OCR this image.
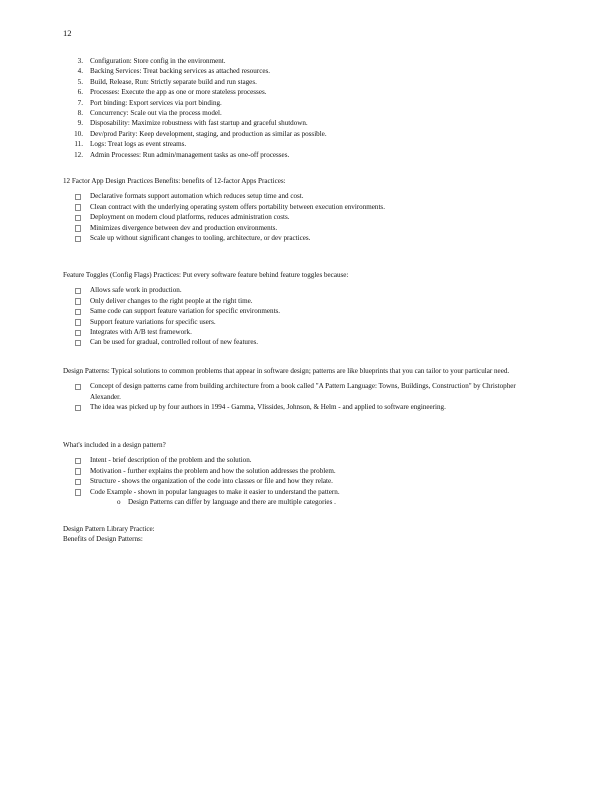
12
3. Configuration: Store config in the environment.
4. Backing Services: Treat backing services as attached resources.
5. Build, Release, Run: Strictly separate build and run stages.
6. Processes: Execute the app as one or more stateless processes.
7. Port binding: Export services via port binding.
8. Concurrency: Scale out via the process model.
9. Disposability: Maximize robustness with fast startup and graceful shutdown.
10. Dev/prod Parity: Keep development, staging, and production as similar as possible.
11. Logs: Treat logs as event streams.
12. Admin Processes: Run admin/management tasks as one-off processes.

12 Factor App Design Practices Benefits: benefits of 12-factor Apps Practices:

Declarative formats support automation which reduces setup time and cost.
Clean contract with the underlying operating system offers portability between execution environments.
Deployment on modern cloud platforms, reduces administration costs.
Minimizes divergence between dev and production environments.
Scale up without significant changes to tooling, architecture, or dev practices.

Feature Toggles (Config Flags) Practices: Put every software feature behind feature toggles because:

Allows safe work in production.
Only deliver changes to the right people at the right time.
Same code can support feature variation for specific environments.
Support feature variations for specific users.
Integrates with A/B test framework.
Can be used for gradual, controlled rollout of new features.

Design Patterns: Typical solutions to common problems that appear in software design; patterns are like blueprints that you can tailor to your particular need.

Concept of design patterns came from building architecture from a book called "A Pattern Language: Towns, Buildings, Construction" by Christopher Alexander.
The idea was picked up by four authors in 1994 - Gamma, Vlissides, Johnson, & Helm - and applied to software engineering.

What's included in a design pattern?

Intent - brief description of the problem and the solution.
Motivation - further explains the problem and how the solution addresses the problem.
Structure - shows the organization of the code into classes or file and how they relate.
Code Example - shown in popular languages to make it easier to understand the pattern.
o Design Patterns can differ by language and there are multiple categories .

Design Pattern Library Practice:

Benefits of Design Patterns:
